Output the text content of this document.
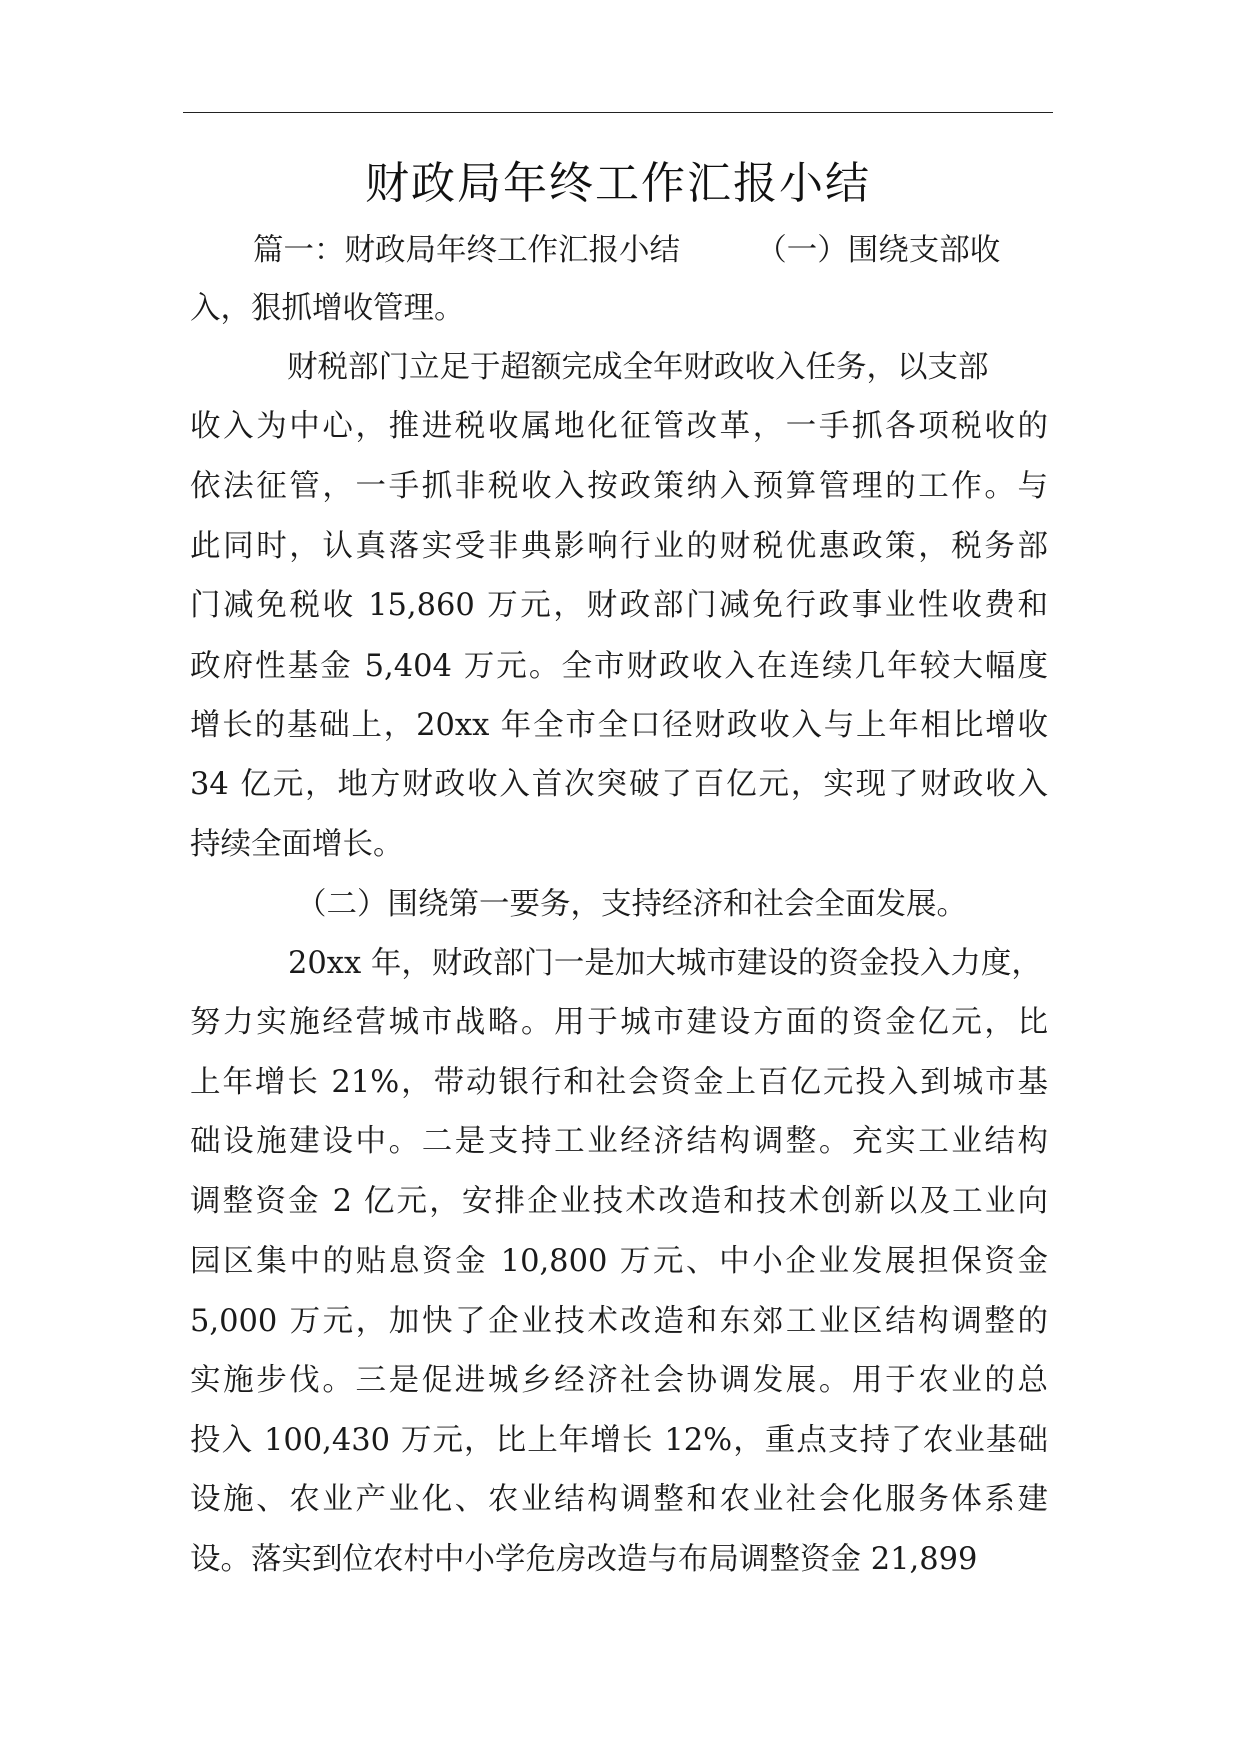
财政局年终工作汇报小结
篇一：财政局年终工作汇报小结　　　（一）围绕支部收
入，狠抓增收管理。
财税部门立足于超额完成全年财政收入任务，以支部
收入为中心，推进税收属地化征管改革，一手抓各项税收的
依法征管，一手抓非税收入按政策纳入预算管理的工作。与
此同时，认真落实受非典影响行业的财税优惠政策，税务部
门减免税收 15,860 万元，财政部门减免行政事业性收费和
政府性基金 5,404 万元。全市财政收入在连续几年较大幅度
增长的基础上，20xx 年全市全口径财政收入与上年相比增收
34 亿元，地方财政收入首次突破了百亿元，实现了财政收入
持续全面增长。
（二）围绕第一要务，支持经济和社会全面发展。
20xx 年，财政部门一是加大城市建设的资金投入力度，
努力实施经营城市战略。用于城市建设方面的资金亿元，比
上年增长 21%，带动银行和社会资金上百亿元投入到城市基
础设施建设中。二是支持工业经济结构调整。充实工业结构
调整资金 2 亿元，安排企业技术改造和技术创新以及工业向
园区集中的贴息资金 10,800 万元、中小企业发展担保资金
5,000 万元，加快了企业技术改造和东郊工业区结构调整的
实施步伐。三是促进城乡经济社会协调发展。用于农业的总
投入 100,430 万元，比上年增长 12%，重点支持了农业基础
设施、农业产业化、农业结构调整和农业社会化服务体系建
设。落实到位农村中小学危房改造与布局调整资金 21,899
